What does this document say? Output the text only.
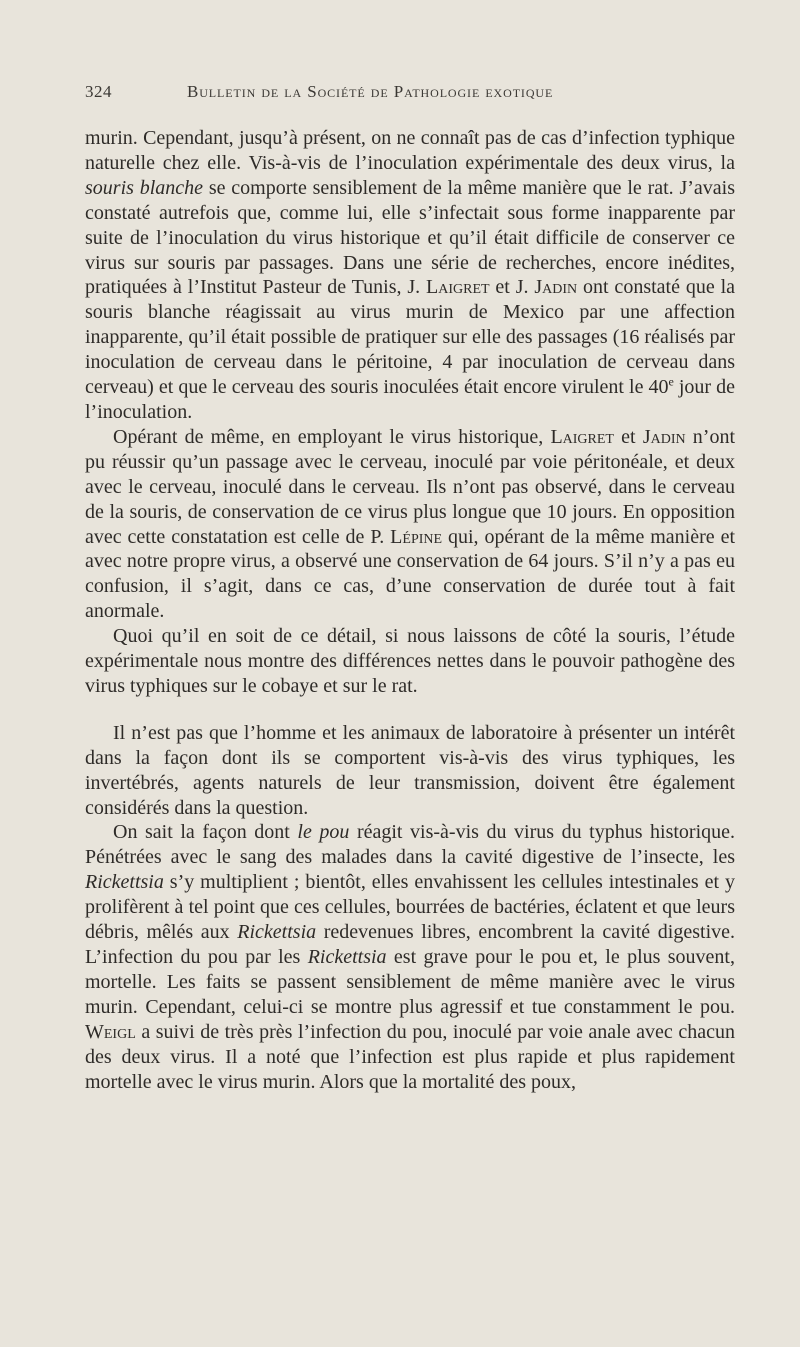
324	Bulletin de la Société de Pathologie exotique

murin. Cependant, jusqu’à présent, on ne connaît pas de cas d’infection typhique naturelle chez elle. Vis-à-vis de l’inoculation expérimentale des deux virus, la souris blanche se comporte sensiblement de la même manière que le rat. J’avais constaté autrefois que, comme lui, elle s’infectait sous forme inapparente par suite de l’inoculation du virus historique et qu’il était difficile de conserver ce virus sur souris par passages. Dans une série de recherches, encore inédites, pratiquées à l’Institut Pasteur de Tunis, J. Laigret et J. Jadin ont constaté que la souris blanche réagissait au virus murin de Mexico par une affection inapparente, qu’il était possible de pratiquer sur elle des passages (16 réalisés par inoculation de cerveau dans le péritoine, 4 par inoculation de cerveau dans cerveau) et que le cerveau des souris inoculées était encore virulent le 40e jour de l’inoculation.

Opérant de même, en employant le virus historique, Laigret et Jadin n’ont pu réussir qu’un passage avec le cerveau, inoculé par voie péritonéale, et deux avec le cerveau, inoculé dans le cerveau. Ils n’ont pas observé, dans le cerveau de la souris, de conservation de ce virus plus longue que 10 jours. En opposition avec cette constatation est celle de P. Lépine qui, opérant de la même manière et avec notre propre virus, a observé une conservation de 64 jours. S’il n’y a pas eu confusion, il s’agit, dans ce cas, d’une conservation de durée tout à fait anormale.

Quoi qu’il en soit de ce détail, si nous laissons de côté la souris, l’étude expérimentale nous montre des différences nettes dans le pouvoir pathogène des virus typhiques sur le cobaye et sur le rat.

Il n’est pas que l’homme et les animaux de laboratoire à présenter un intérêt dans la façon dont ils se comportent vis-à-vis des virus typhiques, les invertébrés, agents naturels de leur transmission, doivent être également considérés dans la question.

On sait la façon dont le pou réagit vis-à-vis du virus du typhus historique. Pénétrées avec le sang des malades dans la cavité digestive de l’insecte, les Rickettsia s’y multiplient ; bientôt, elles envahissent les cellules intestinales et y prolifèrent à tel point que ces cellules, bourrées de bactéries, éclatent et que leurs débris, mêlés aux Rickettsia redevenues libres, encombrent la cavité digestive. L’infection du pou par les Rickettsia est grave pour le pou et, le plus souvent, mortelle. Les faits se passent sensiblement de même manière avec le virus murin. Cependant, celui-ci se montre plus agressif et tue constamment le pou. Weigl a suivi de très près l’infection du pou, inoculé par voie anale avec chacun des deux virus. Il a noté que l’infection est plus rapide et plus rapidement mortelle avec le virus murin. Alors que la mortalité des poux,
